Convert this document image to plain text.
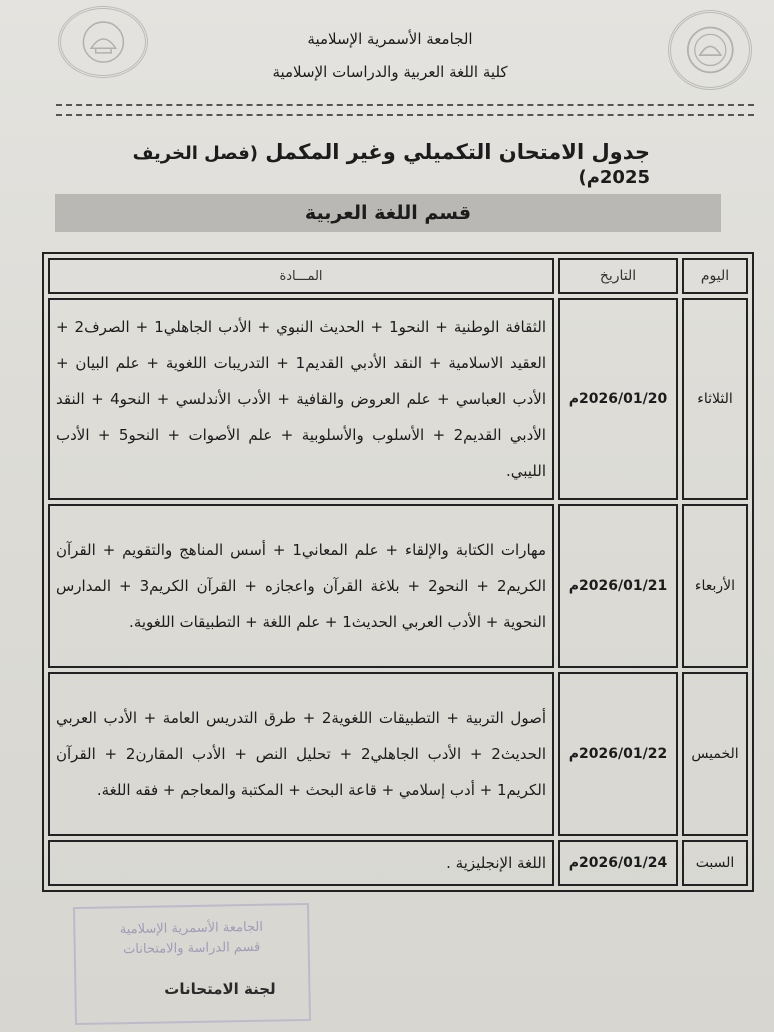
الجامعة الأسمرية الإسلامية
كلية اللغة العربية والدراسات الإسلامية
جدول الامتحان التكميلي وغير المكمل (فصل الخريف 2025م)
قسم اللغة العربية
اليوم	التاريخ	المـــادة
الثلاثاء	2026/01/20م	الثقافة الوطنية + النحو1 + الحديث النبوي + الأدب الجاهلي1 + الصرف2 + العقيد الاسلامية + النقد الأدبي القديم1 + التدريبات اللغوية + علم البيان + الأدب العباسي + علم العروض والقافية + الأدب الأندلسي + النحو4 + النقد الأدبي القديم2 + الأسلوب والأسلوبية + علم الأصوات + النحو5 + الأدب الليبي.
الأربعاء	2026/01/21م	مهارات الكتابة والإلقاء + علم المعاني1 + أسس المناهج والتقويم + القرآن الكريم2 + النحو2 + بلاغة القرآن واعجازه + القرآن الكريم3 + المدارس النحوية + الأدب العربي الحديث1 + علم اللغة + التطبيقات اللغوية.
الخميس	2026/01/22م	أصول التربية + التطبيقات اللغوية2 + طرق التدريس العامة + الأدب العربي الحديث2 + الأدب الجاهلي2 + تحليل النص + الأدب المقارن2 + القرآن الكريم1 + أدب إسلامي + قاعة البحث + المكتبة والمعاجم + فقه اللغة.
السبت	2026/01/24م	اللغة الإنجليزية .
الجامعة الأسمرية الإسلامية
قسم الدراسة والامتحانات
لجنة الامتحانات
